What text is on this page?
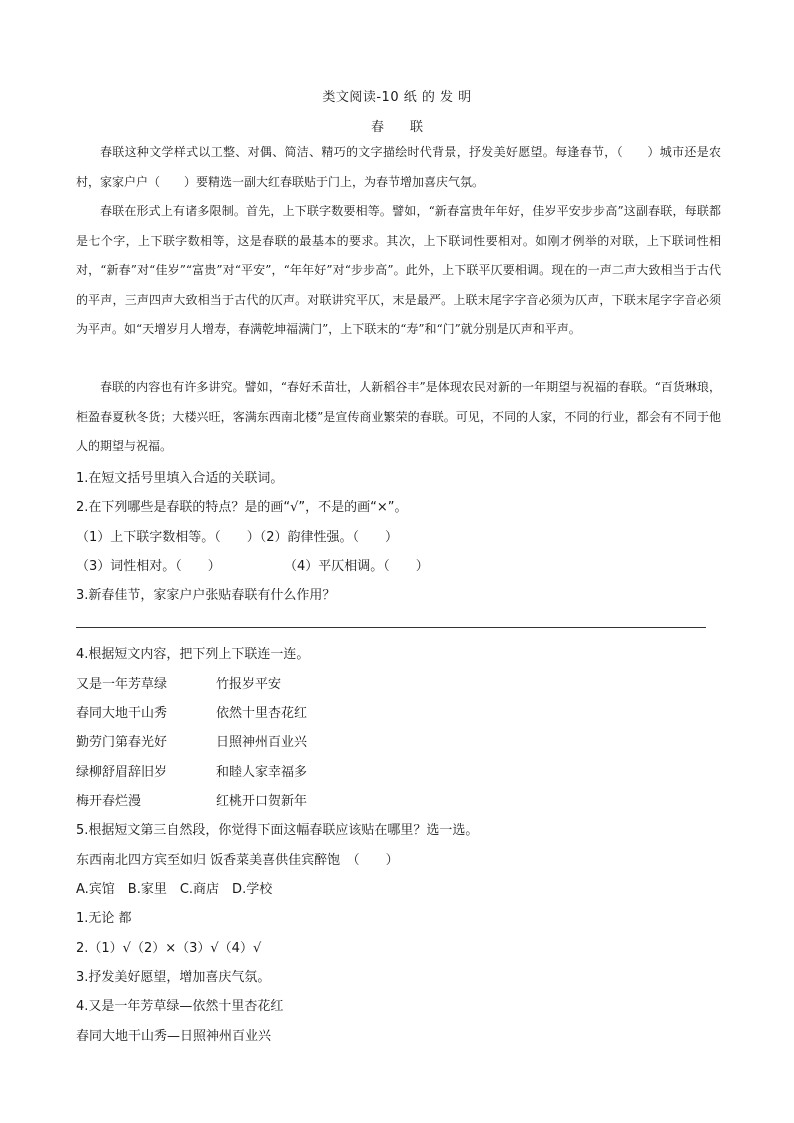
类文阅读-10 纸 的 发 明
春联

春联这种文学样式以工整、对偶、简洁、精巧的文字描绘时代背景，抒发美好愿望。每逢春节，（　　）城市还是农村，家家户户（　　）要精选一副大红春联贴于门上，为春节增加喜庆气氛。

春联在形式上有诸多限制。首先，上下联字数要相等。譬如，“新春富贵年年好，佳岁平安步步高”这副春联，每联都是七个字，上下联字数相等，这是春联的最基本的要求。其次，上下联词性要相对。如刚才例举的对联，上下联词性相对，“新春”对“佳岁”“富贵”对“平安”，“年年好”对“步步高”。此外，上下联平仄要相调。现在的一声二声大致相当于古代的平声，三声四声大致相当于古代的仄声。对联讲究平仄，末是最严。上联末尾字字音必须为仄声，下联末尾字字音必须为平声。如“天增岁月人增寿，春满乾坤福满门”，上下联末的“寿”和“门”就分别是仄声和平声。

春联的内容也有许多讲究。譬如，“春好禾苗壮，人新稻谷丰”是体现农民对新的一年期望与祝福的春联。“百货琳琅，柜盈春夏秋冬货；大楼兴旺，客满东西南北楼”是宣传商业繁荣的春联。可见，不同的人家，不同的行业，都会有不同于他人的期望与祝福。

1.在短文括号里填入合适的关联词。
2.在下列哪些是春联的特点？是的画“√”，不是的画“×”。
（1）上下联字数相等。（　　）（2）韵律性强。（　　）
（3）词性相对。（　　）	（4）平仄相调。（　　）
3.新春佳节，家家户户张贴春联有什么作用？
4.根据短文内容，把下列上下联连一连。
又是一年芳草绿	竹报岁平安
春同大地干山秀	依然十里杏花红
勤劳门第春光好	日照神州百业兴
绿柳舒眉辞旧岁	和睦人家幸福多
梅开春烂漫	红桃开口贺新年
5.根据短文第三自然段，你觉得下面这幅春联应该贴在哪里？选一选。
东西南北四方宾至如归 饭香菜美喜供佳宾醉饱　（　　）
A.宾馆　B.家里　C.商店　D.学校
1.无论 都
2.（1）√（2）×（3）√（4）√
3.抒发美好愿望，增加喜庆气氛。
4.又是一年芳草绿—依然十里杏花红
春同大地干山秀—日照神州百业兴
